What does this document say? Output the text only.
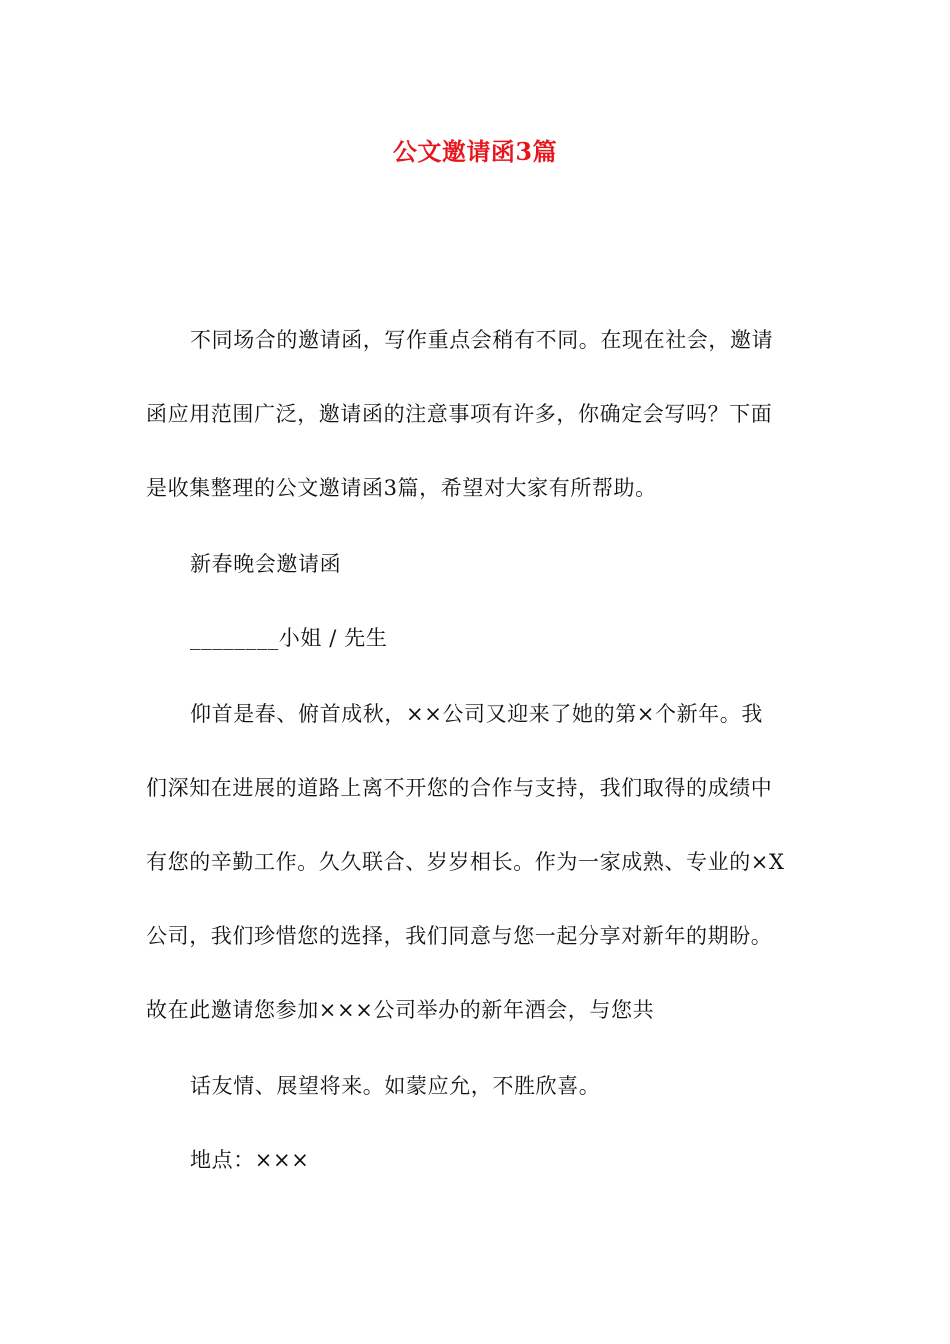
公文邀请函3篇
不同场合的邀请函，写作重点会稍有不同。在现在社会，邀请
函应用范围广泛，邀请函的注意事项有许多，你确定会写吗？下面
是收集整理的公文邀请函3篇，希望对大家有所帮助。
新春晚会邀请函
________小姐 / 先生
仰首是春、俯首成秋，××公司又迎来了她的第×个新年。我
们深知在进展的道路上离不开您的合作与支持，我们取得的成绩中
有您的辛勤工作。久久联合、岁岁相长。作为一家成熟、专业的×X
公司，我们珍惜您的选择，我们同意与您一起分享对新年的期盼。
故在此邀请您参加×××公司举办的新年酒会，与您共
话友情、展望将来。如蒙应允，不胜欣喜。
地点：×××
